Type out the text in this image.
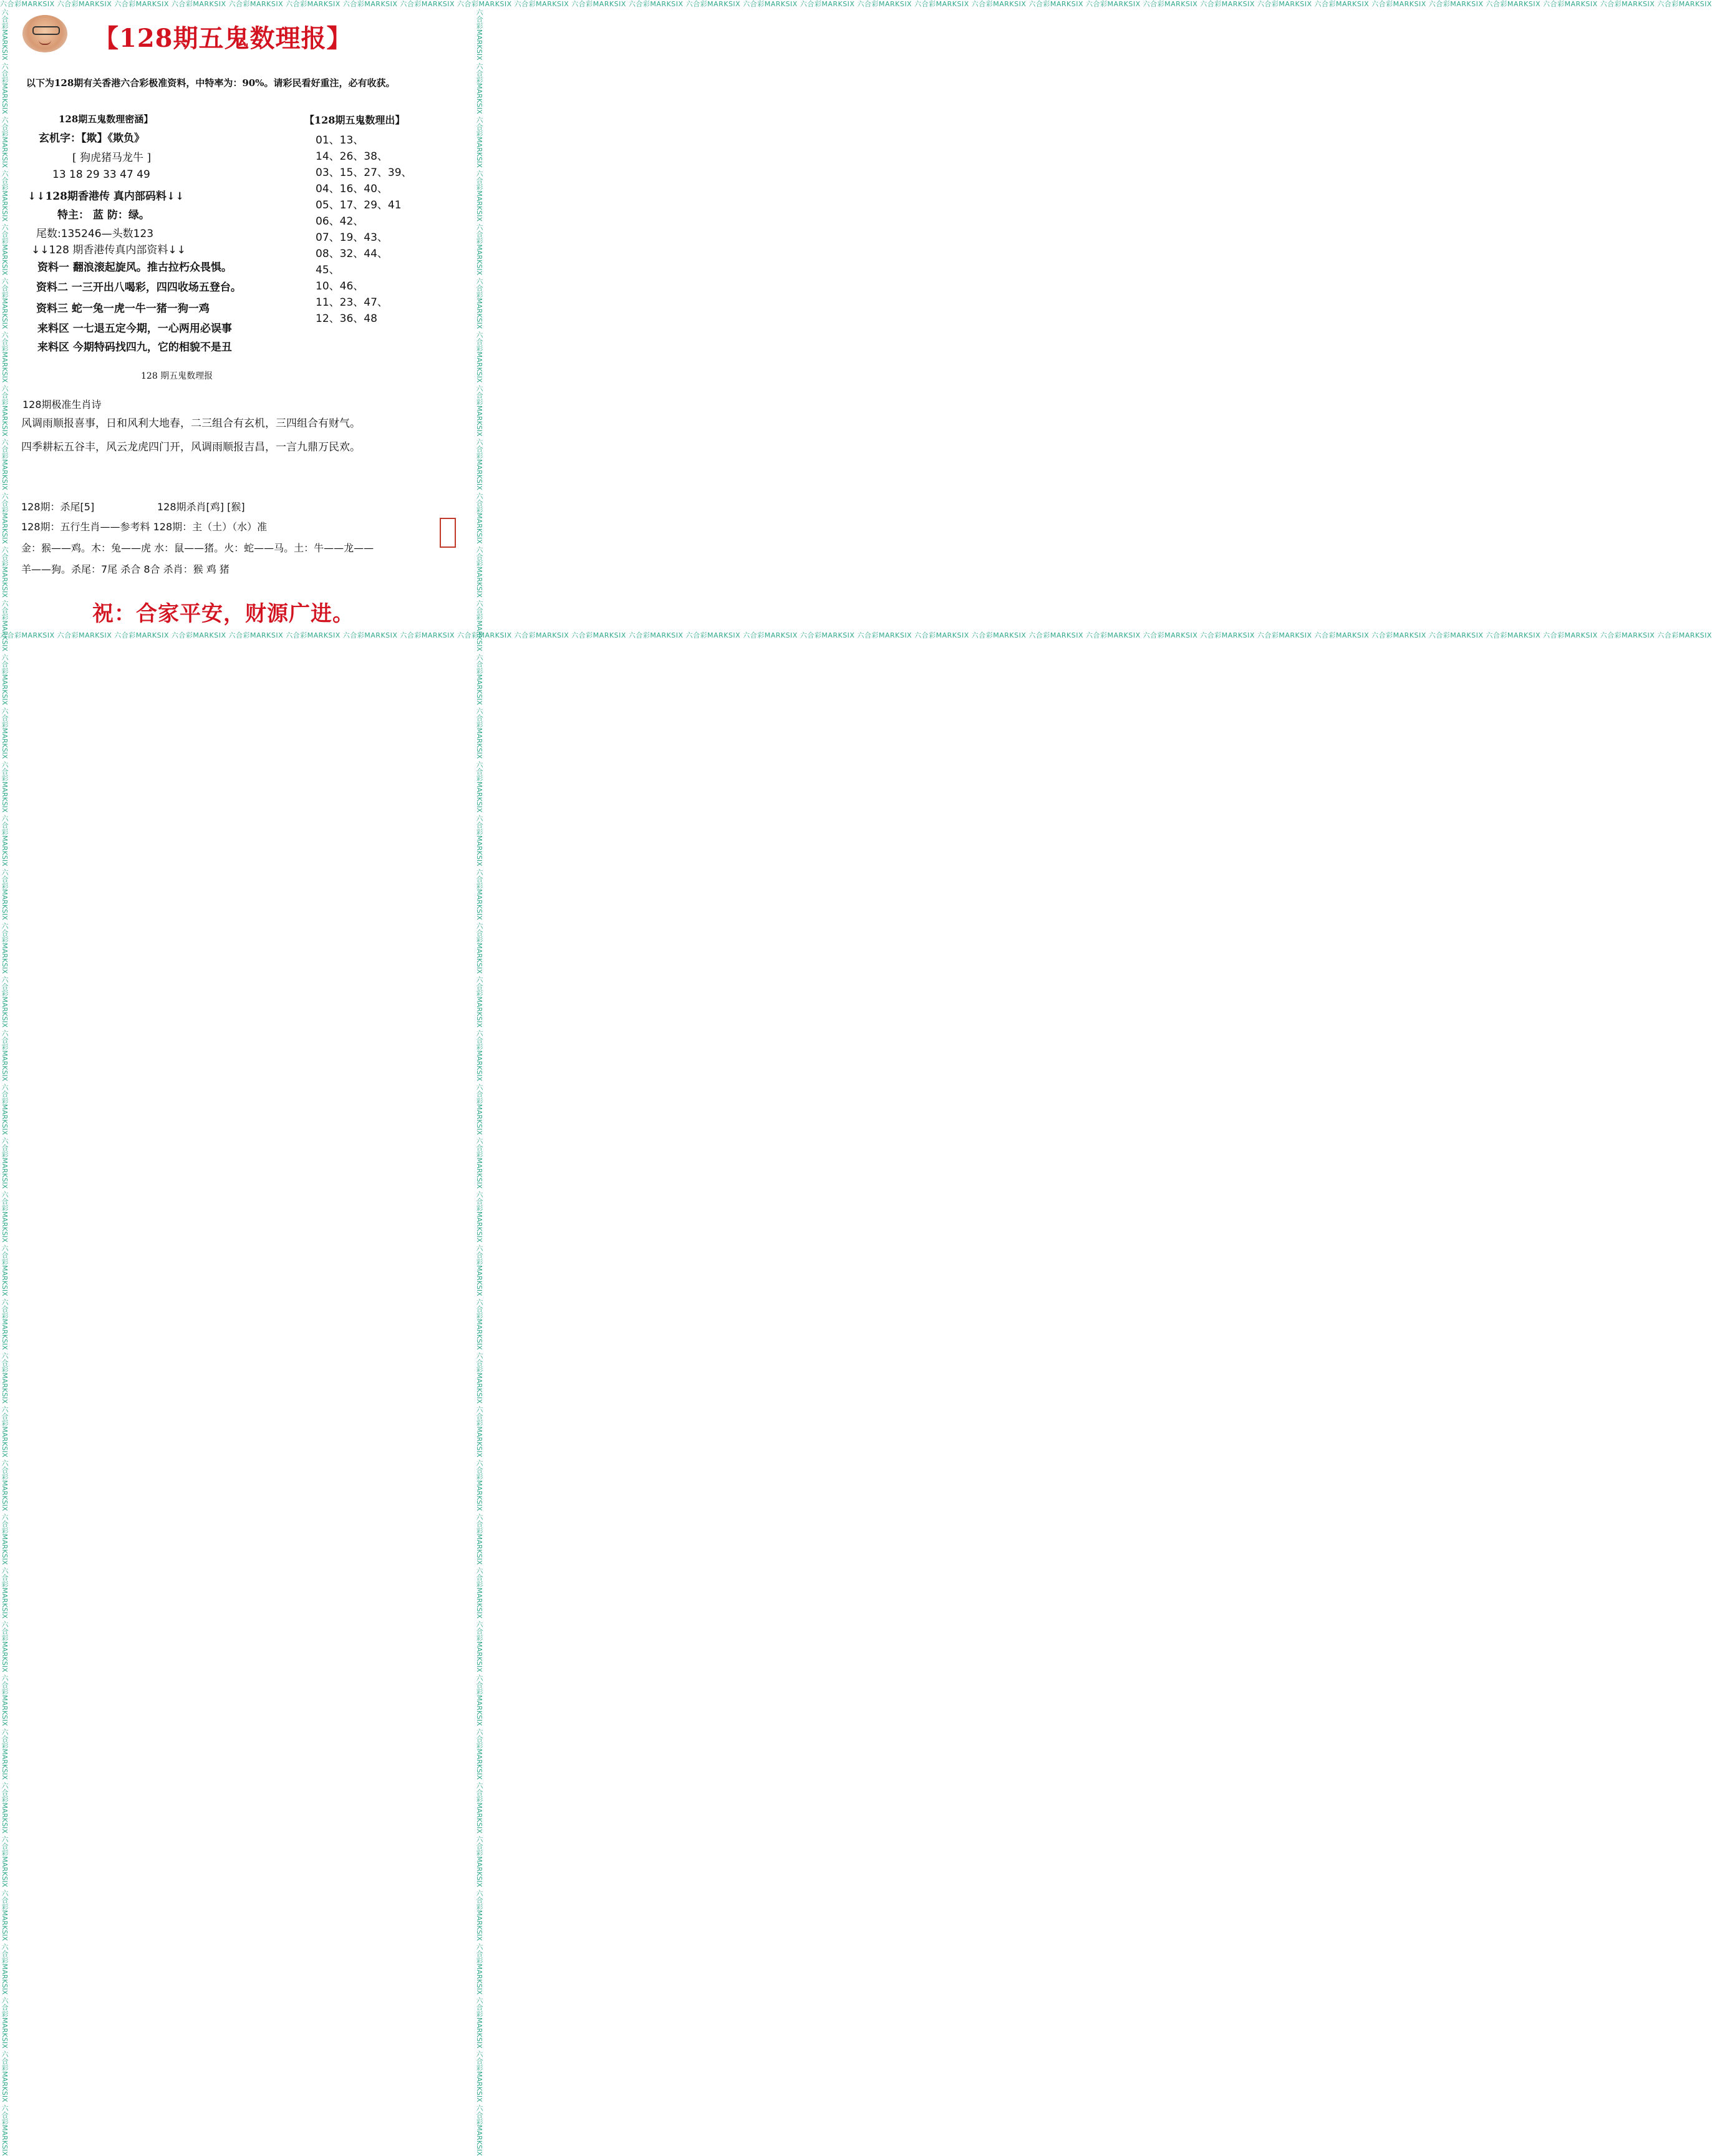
六合彩MARKSIX 六合彩MARKSIX 六合彩MARKSIX 六合彩MARKSIX 六合彩MARKSIX 六合彩MARKSIX 六合彩MARKSIX 六合彩MARKSIX 六合彩MARKSIX 六合彩MARKSIX 六合彩MARKSIX 六合彩MARKSIX 六合彩MARKSIX 六合彩MARKSIX 六合彩MARKSIX 六合彩MARKSIX 六合彩MARKSIX 六合彩MARKSIX 六合彩MARKSIX 六合彩MARKSIX 六合彩MARKSIX 六合彩MARKSIX 六合彩MARKSIX 六合彩MARKSIX 六合彩MARKSIX 六合彩MARKSIX 六合彩MARKSIX 六合彩MARKSIX 六合彩MARKSIX 六合彩MARKSIX
六合彩MARKSIX 六合彩MARKSIX 六合彩MARKSIX 六合彩MARKSIX 六合彩MARKSIX 六合彩MARKSIX 六合彩MARKSIX 六合彩MARKSIX 六合彩MARKSIX 六合彩MARKSIX 六合彩MARKSIX 六合彩MARKSIX 六合彩MARKSIX 六合彩MARKSIX 六合彩MARKSIX 六合彩MARKSIX 六合彩MARKSIX 六合彩MARKSIX 六合彩MARKSIX 六合彩MARKSIX 六合彩MARKSIX 六合彩MARKSIX 六合彩MARKSIX 六合彩MARKSIX 六合彩MARKSIX 六合彩MARKSIX 六合彩MARKSIX 六合彩MARKSIX 六合彩MARKSIX 六合彩MARKSIX
六合彩MARKSIX 六合彩MARKSIX 六合彩MARKSIX 六合彩MARKSIX 六合彩MARKSIX 六合彩MARKSIX 六合彩MARKSIX 六合彩MARKSIX 六合彩MARKSIX 六合彩MARKSIX 六合彩MARKSIX 六合彩MARKSIX 六合彩MARKSIX 六合彩MARKSIX 六合彩MARKSIX 六合彩MARKSIX 六合彩MARKSIX 六合彩MARKSIX 六合彩MARKSIX 六合彩MARKSIX 六合彩MARKSIX 六合彩MARKSIX 六合彩MARKSIX 六合彩MARKSIX 六合彩MARKSIX 六合彩MARKSIX 六合彩MARKSIX 六合彩MARKSIX 六合彩MARKSIX 六合彩MARKSIX 六合彩MARKSIX 六合彩MARKSIX 六合彩MARKSIX 六合彩MARKSIX 六合彩MARKSIX 六合彩MARKSIX 六合彩MARKSIX 六合彩MARKSIX 六合彩MARKSIX 六合彩MARKSIX	六合彩MARKSIX 六合彩MARKSIX 六合彩MARKSIX 六合彩MARKSIX 六合彩MARKSIX 六合彩MARKSIX 六合彩MARKSIX 六合彩MARKSIX 六合彩MARKSIX 六合彩MARKSIX 六合彩MARKSIX 六合彩MARKSIX 六合彩MARKSIX 六合彩MARKSIX 六合彩MARKSIX 六合彩MARKSIX 六合彩MARKSIX 六合彩MARKSIX 六合彩MARKSIX 六合彩MARKSIX 六合彩MARKSIX 六合彩MARKSIX 六合彩MARKSIX 六合彩MARKSIX 六合彩MARKSIX 六合彩MARKSIX 六合彩MARKSIX 六合彩MARKSIX 六合彩MARKSIX 六合彩MARKSIX 六合彩MARKSIX 六合彩MARKSIX 六合彩MARKSIX 六合彩MARKSIX 六合彩MARKSIX 六合彩MARKSIX 六合彩MARKSIX 六合彩MARKSIX 六合彩MARKSIX 六合彩MARKSIX
【128期五鬼数理报】
以下为128期有关香港六合彩极准资料，中特率为：90%。请彩民看好重注，必有收获。
128期五鬼数理密涵】
玄机字：【欺】《欺负》
[ 狗虎猪马龙牛 ]
13 18 29 33 47 49
↓↓128期香港传 真内部码料↓↓
特主： 蓝 防：绿。
尾数:135246—头数123
↓↓128 期香港传真内部资料↓↓
资料一 翻浪滚起旋风。推古拉朽众畏惧。
资料二 一三开出八喝彩，四四收场五登台。
资料三 蛇一兔一虎一牛一猪一狗一鸡
来料区 一七退五定今期，一心两用必误事
来料区 今期特码找四九，它的相貌不是丑
【128期五鬼数理出】
01、13、
14、26、38、
03、15、27、39、
04、16、40、
05、17、29、41
06、42、
07、19、43、
08、32、44、
45、
10、46、
11、23、47、
12、36、48
128 期五鬼数理报
128期极准生肖诗
风调雨顺报喜事，日和风利大地春，二三组合有玄机，三四组合有财气。
四季耕耘五谷丰，风云龙虎四门开，风调雨顺报吉昌，一言九鼎万民欢。
128期：杀尾[5]	128期杀肖[鸡] [猴]
128期：五行生肖——参考料 128期：主（土）（水）准
金：猴——鸡。木：兔——虎 水：鼠——猪。火：蛇——马。土：牛——龙——
羊——狗。杀尾：7尾 杀合 8合 杀肖：猴 鸡 猪
祝：合家平安，财源广进。
